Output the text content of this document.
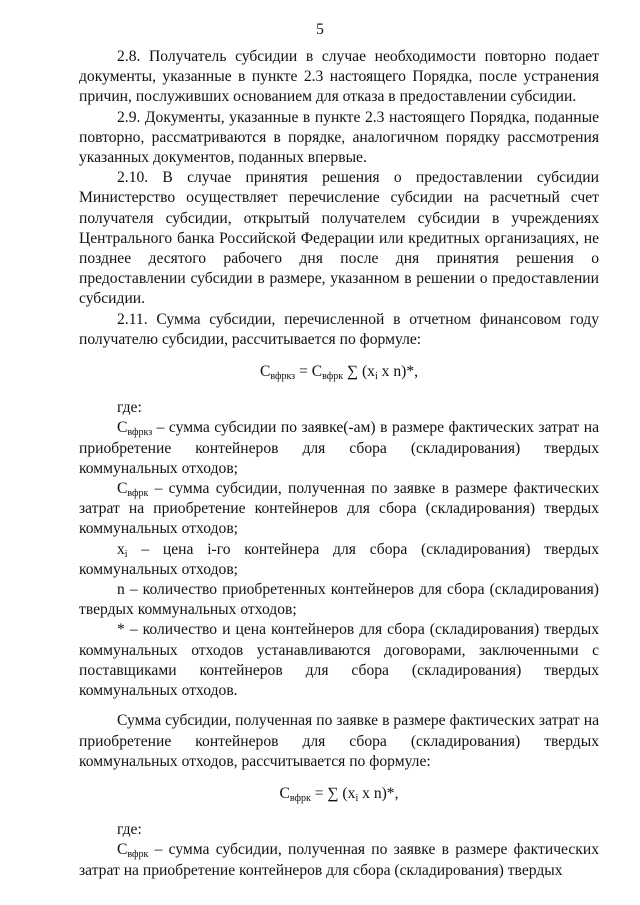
5

2.8. Получатель субсидии в случае необходимости повторно подает документы, указанные в пункте 2.3 настоящего Порядка, после устранения причин, послуживших основанием для отказа в предоставлении субсидии.

2.9. Документы, указанные в пункте 2.3 настоящего Порядка, поданные повторно, рассматриваются в порядке, аналогичном порядку рассмотрения указанных документов, поданных впервые.

2.10. В случае принятия решения о предоставлении субсидии Министерство осуществляет перечисление субсидии на расчетный счет получателя субсидии, открытый получателем субсидии в учреждениях Центрального банка Российской Федерации или кредитных организациях, не позднее десятого рабочего дня после дня принятия решения о предоставлении субсидии в размере, указанном в решении о предоставлении субсидии.

2.11. Сумма субсидии, перечисленной в отчетном финансовом году получателю субсидии, рассчитывается по формуле:

$С_{вфркз} = С_{вфрк}$ ∑ ($x_i$ x n)*,

где:

$С_{вфркз}$ – сумма субсидии по заявке(-ам) в размере фактических затрат на приобретение контейнеров для сбора (складирования) твердых коммунальных отходов;

$С_{вфрк}$ – сумма субсидии, полученная по заявке в размере фактических затрат на приобретение контейнеров для сбора (складирования) твердых коммунальных отходов;

$x_i$ – цена i-го контейнера для сбора (складирования) твердых коммунальных отходов;

n – количество приобретенных контейнеров для сбора (складирования) твердых коммунальных отходов;

* – количество и цена контейнеров для сбора (складирования) твердых коммунальных отходов устанавливаются договорами, заключенными с поставщиками контейнеров для сбора (складирования) твердых коммунальных отходов.

Сумма субсидии, полученная по заявке в размере фактических затрат на приобретение контейнеров для сбора (складирования) твердых коммунальных отходов, рассчитывается по формуле:

$С_{вфрк}$ = ∑ ($x_i$ x n)*,

где:

$С_{вфрк}$ – сумма субсидии, полученная по заявке в размере фактических затрат на приобретение контейнеров для сбора (складирования) твердых
